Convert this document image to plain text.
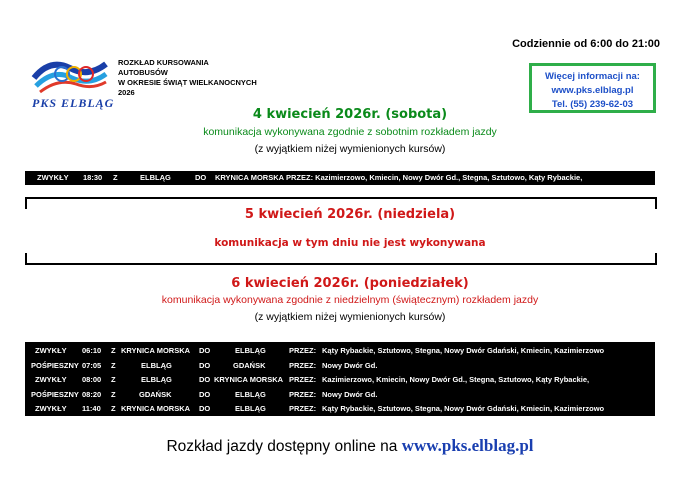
Codziennie od 6:00 do 21:00
PKS ELBLĄG
ROZKŁAD KURSOWANIA
AUTOBUSÓW
W OKRESIE ŚWIĄT WIELKANOCNYCH
2026
Więcej informacji na:
www.pks.elblag.pl
Tel. (55) 239-62-03
4 kwiecień 2026r. (sobota)
komunikacja wykonywana zgodnie z sobotnim rozkładem jazdy
(z wyjątkiem niżej wymienionych kursów)
ZWYKŁY 18:30 Z	ELBLĄG	DO KRYNICA MORSKA PRZEZ: Kazimierzowo, Kmiecin, Nowy Dwór Gd., Stegna, Sztutowo, Kąty Rybackie,
5 kwiecień 2026r. (niedziela)
komunikacja w tym dniu nie jest wykonywana
6 kwiecień 2026r. (poniedziałek)
komunikacja wykonywana zgodnie z niedzielnym (świątecznym) rozkładem jazdy
(z wyjątkiem niżej wymienionych kursów)
ZWYKŁY 06:10 Z KRYNICA MORSKA DO	ELBLĄG	PRZEZ: Kąty Rybackie, Sztutowo, Stegna, Nowy Dwór Gdański, Kmiecin, Kazimierzowo
POŚPIESZNY 07:05 Z	ELBLĄG	DO	GDAŃSK	PRZEZ: Nowy Dwór Gd.
ZWYKŁY 08:00 Z	ELBLĄG	DO KRYNICA MORSKA PRZEZ: Kazimierzowo, Kmiecin, Nowy Dwór Gd., Stegna, Sztutowo, Kąty Rybackie,
POŚPIESZNY 08:20 Z	GDAŃSK	DO	ELBLĄG	PRZEZ: Nowy Dwór Gd.
ZWYKŁY 11:40 Z KRYNICA MORSKA DO	ELBLĄG	PRZEZ: Kąty Rybackie, Sztutowo, Stegna, Nowy Dwór Gdański, Kmiecin, Kazimierzowo
Rozkład jazdy dostępny online na www.pks.elblag.pl
